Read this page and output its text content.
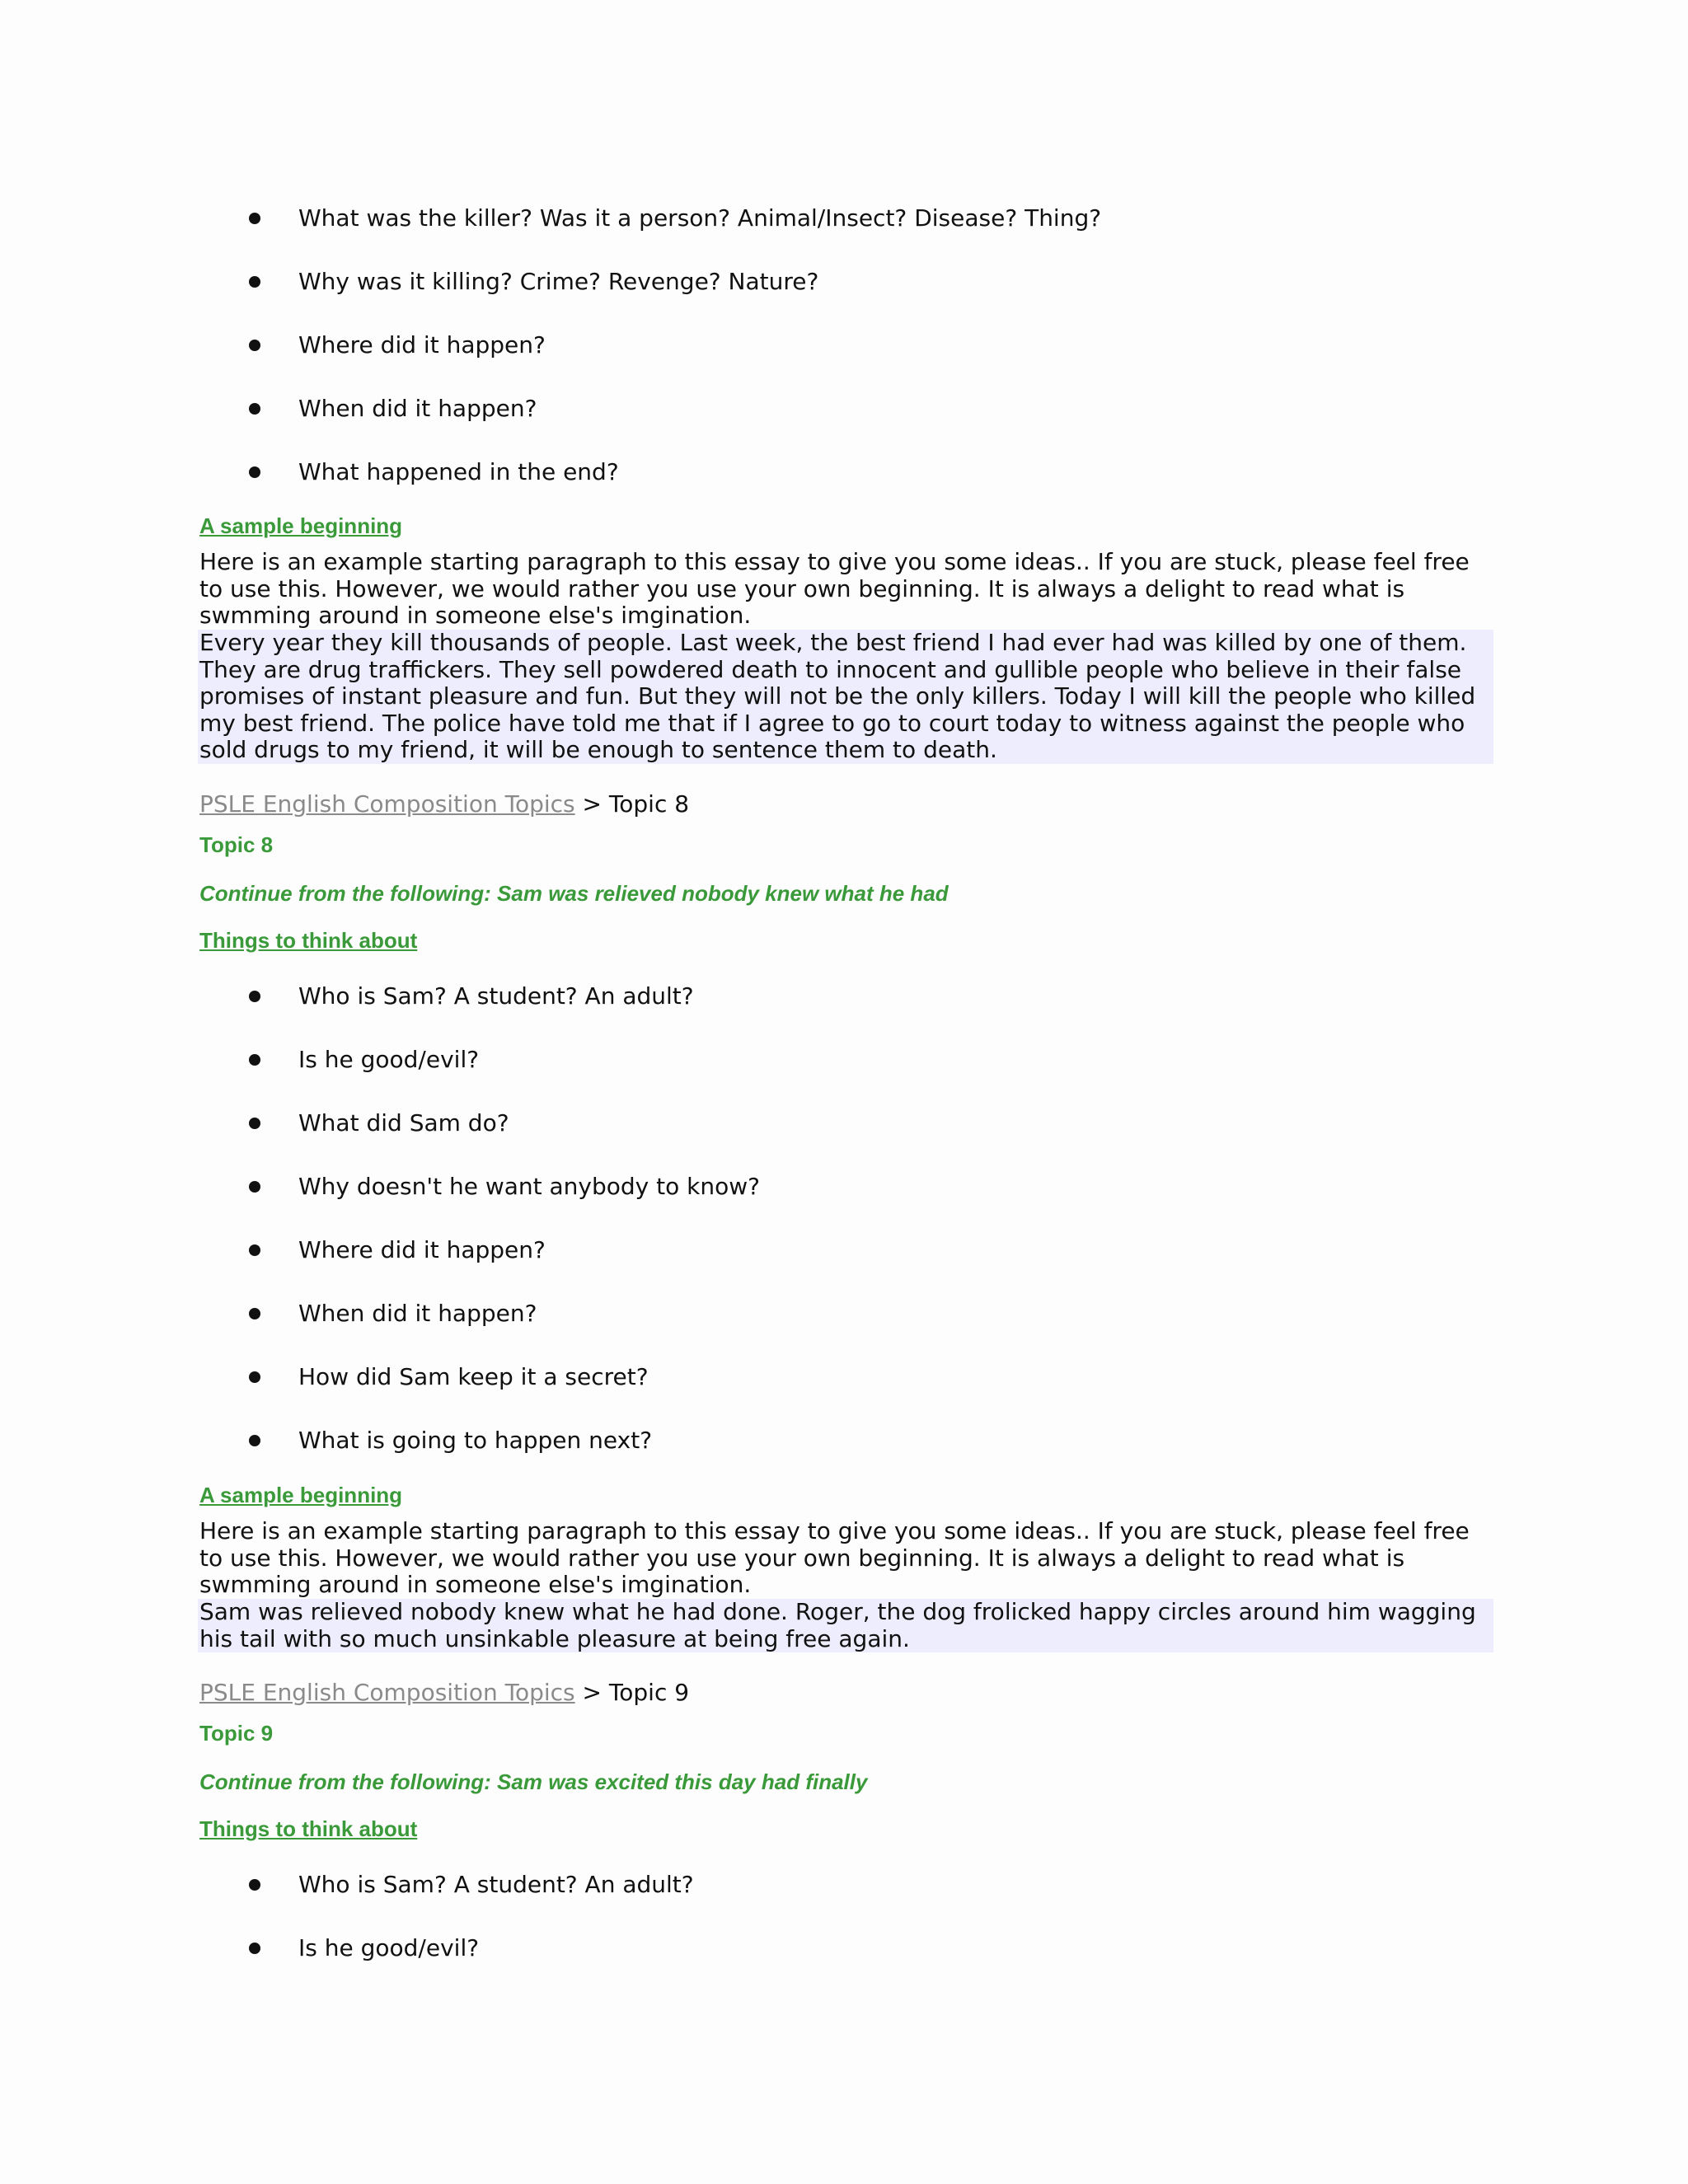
What was the killer? Was it a person? Animal/Insect? Disease? Thing?
Why was it killing? Crime? Revenge? Nature?
Where did it happen?
When did it happen?
What happened in the end?
A sample beginning

Here is an example starting paragraph to this essay to give you some ideas.. If you are stuck, please feel free to use this. However, we would rather you use your own beginning. It is always a delight to read what is swmming around in someone else's imgination.

Every year they kill thousands of people. Last week, the best friend I had ever had was killed by one of them. They are drug traffickers. They sell powdered death to innocent and gullible people who believe in their false promises of instant pleasure and fun. But they will not be the only killers. Today I will kill the people who killed my best friend. The police have told me that if I agree to go to court today to witness against the people who sold drugs to my friend, it will be enough to sentence them to death.

PSLE English Composition Topics > Topic 8
Topic 8
Continue from the following: Sam was relieved nobody knew what he had
Things to think about
Who is Sam? A student? An adult?
Is he good/evil?
What did Sam do?
Why doesn't he want anybody to know?
Where did it happen?
When did it happen?
How did Sam keep it a secret?
What is going to happen next?
A sample beginning

Here is an example starting paragraph to this essay to give you some ideas.. If you are stuck, please feel free to use this. However, we would rather you use your own beginning. It is always a delight to read what is swmming around in someone else's imgination.

Sam was relieved nobody knew what he had done. Roger, the dog frolicked happy circles around him wagging his tail with so much unsinkable pleasure at being free again.

PSLE English Composition Topics > Topic 9
Topic 9
Continue from the following: Sam was excited this day had finally
Things to think about
Who is Sam? A student? An adult?
Is he good/evil?
